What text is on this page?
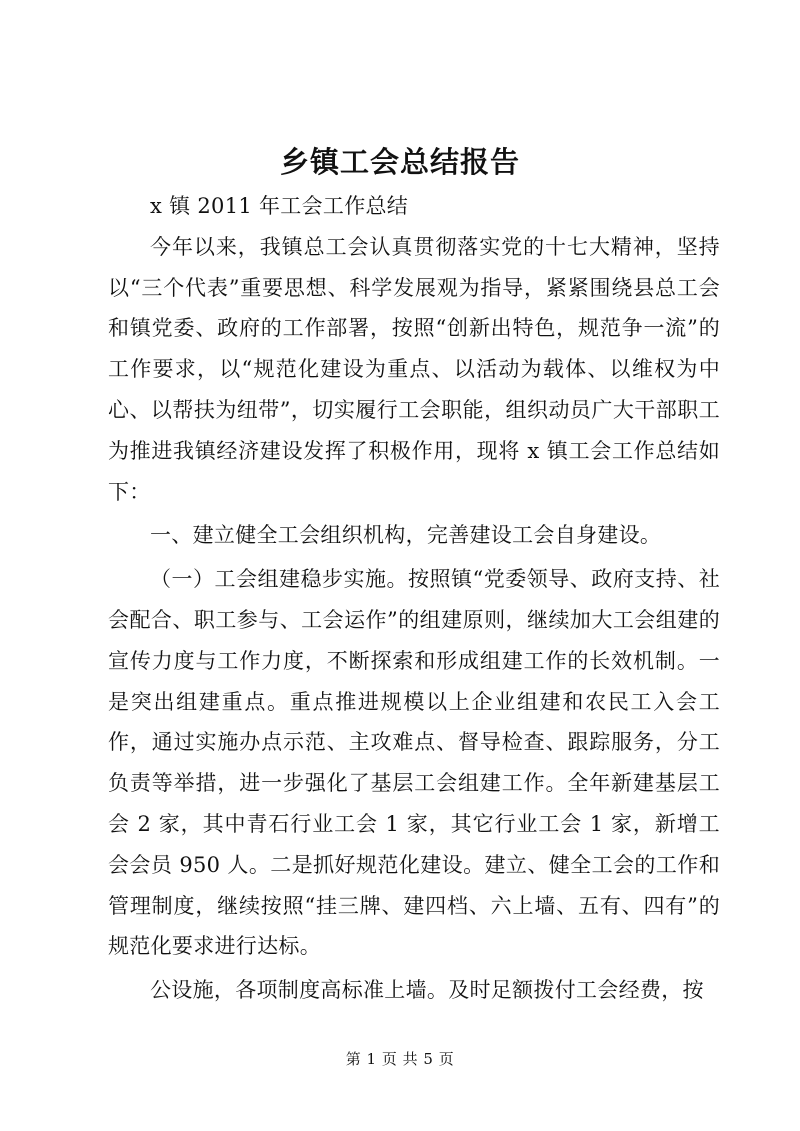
乡镇工会总结报告

x 镇 2011 年工会工作总结

今年以来，我镇总工会认真贯彻落实党的十七大精神，坚持以“三个代表”重要思想、科学发展观为指导，紧紧围绕县总工会和镇党委、政府的工作部署，按照“创新出特色，规范争一流”的工作要求，以“规范化建设为重点、以活动为载体、以维权为中心、以帮扶为纽带”，切实履行工会职能，组织动员广大干部职工为推进我镇经济建设发挥了积极作用，现将 x 镇工会工作总结如下：

一、建立健全工会组织机构，完善建设工会自身建设。

（一）工会组建稳步实施。按照镇“党委领导、政府支持、社会配合、职工参与、工会运作”的组建原则，继续加大工会组建的宣传力度与工作力度，不断探索和形成组建工作的长效机制。一是突出组建重点。重点推进规模以上企业组建和农民工入会工作，通过实施办点示范、主攻难点、督导检查、跟踪服务，分工负责等举措，进一步强化了基层工会组建工作。全年新建基层工会 2 家，其中青石行业工会 1 家，其它行业工会 1 家，新增工会会员 950 人。二是抓好规范化建设。建立、健全工会的工作和管理制度，继续按照“挂三牌、建四档、六上墙、五有、四有”的规范化要求进行达标。

公设施，各项制度高标准上墙。及时足额拨付工会经费，按

第 1 页 共 5 页
